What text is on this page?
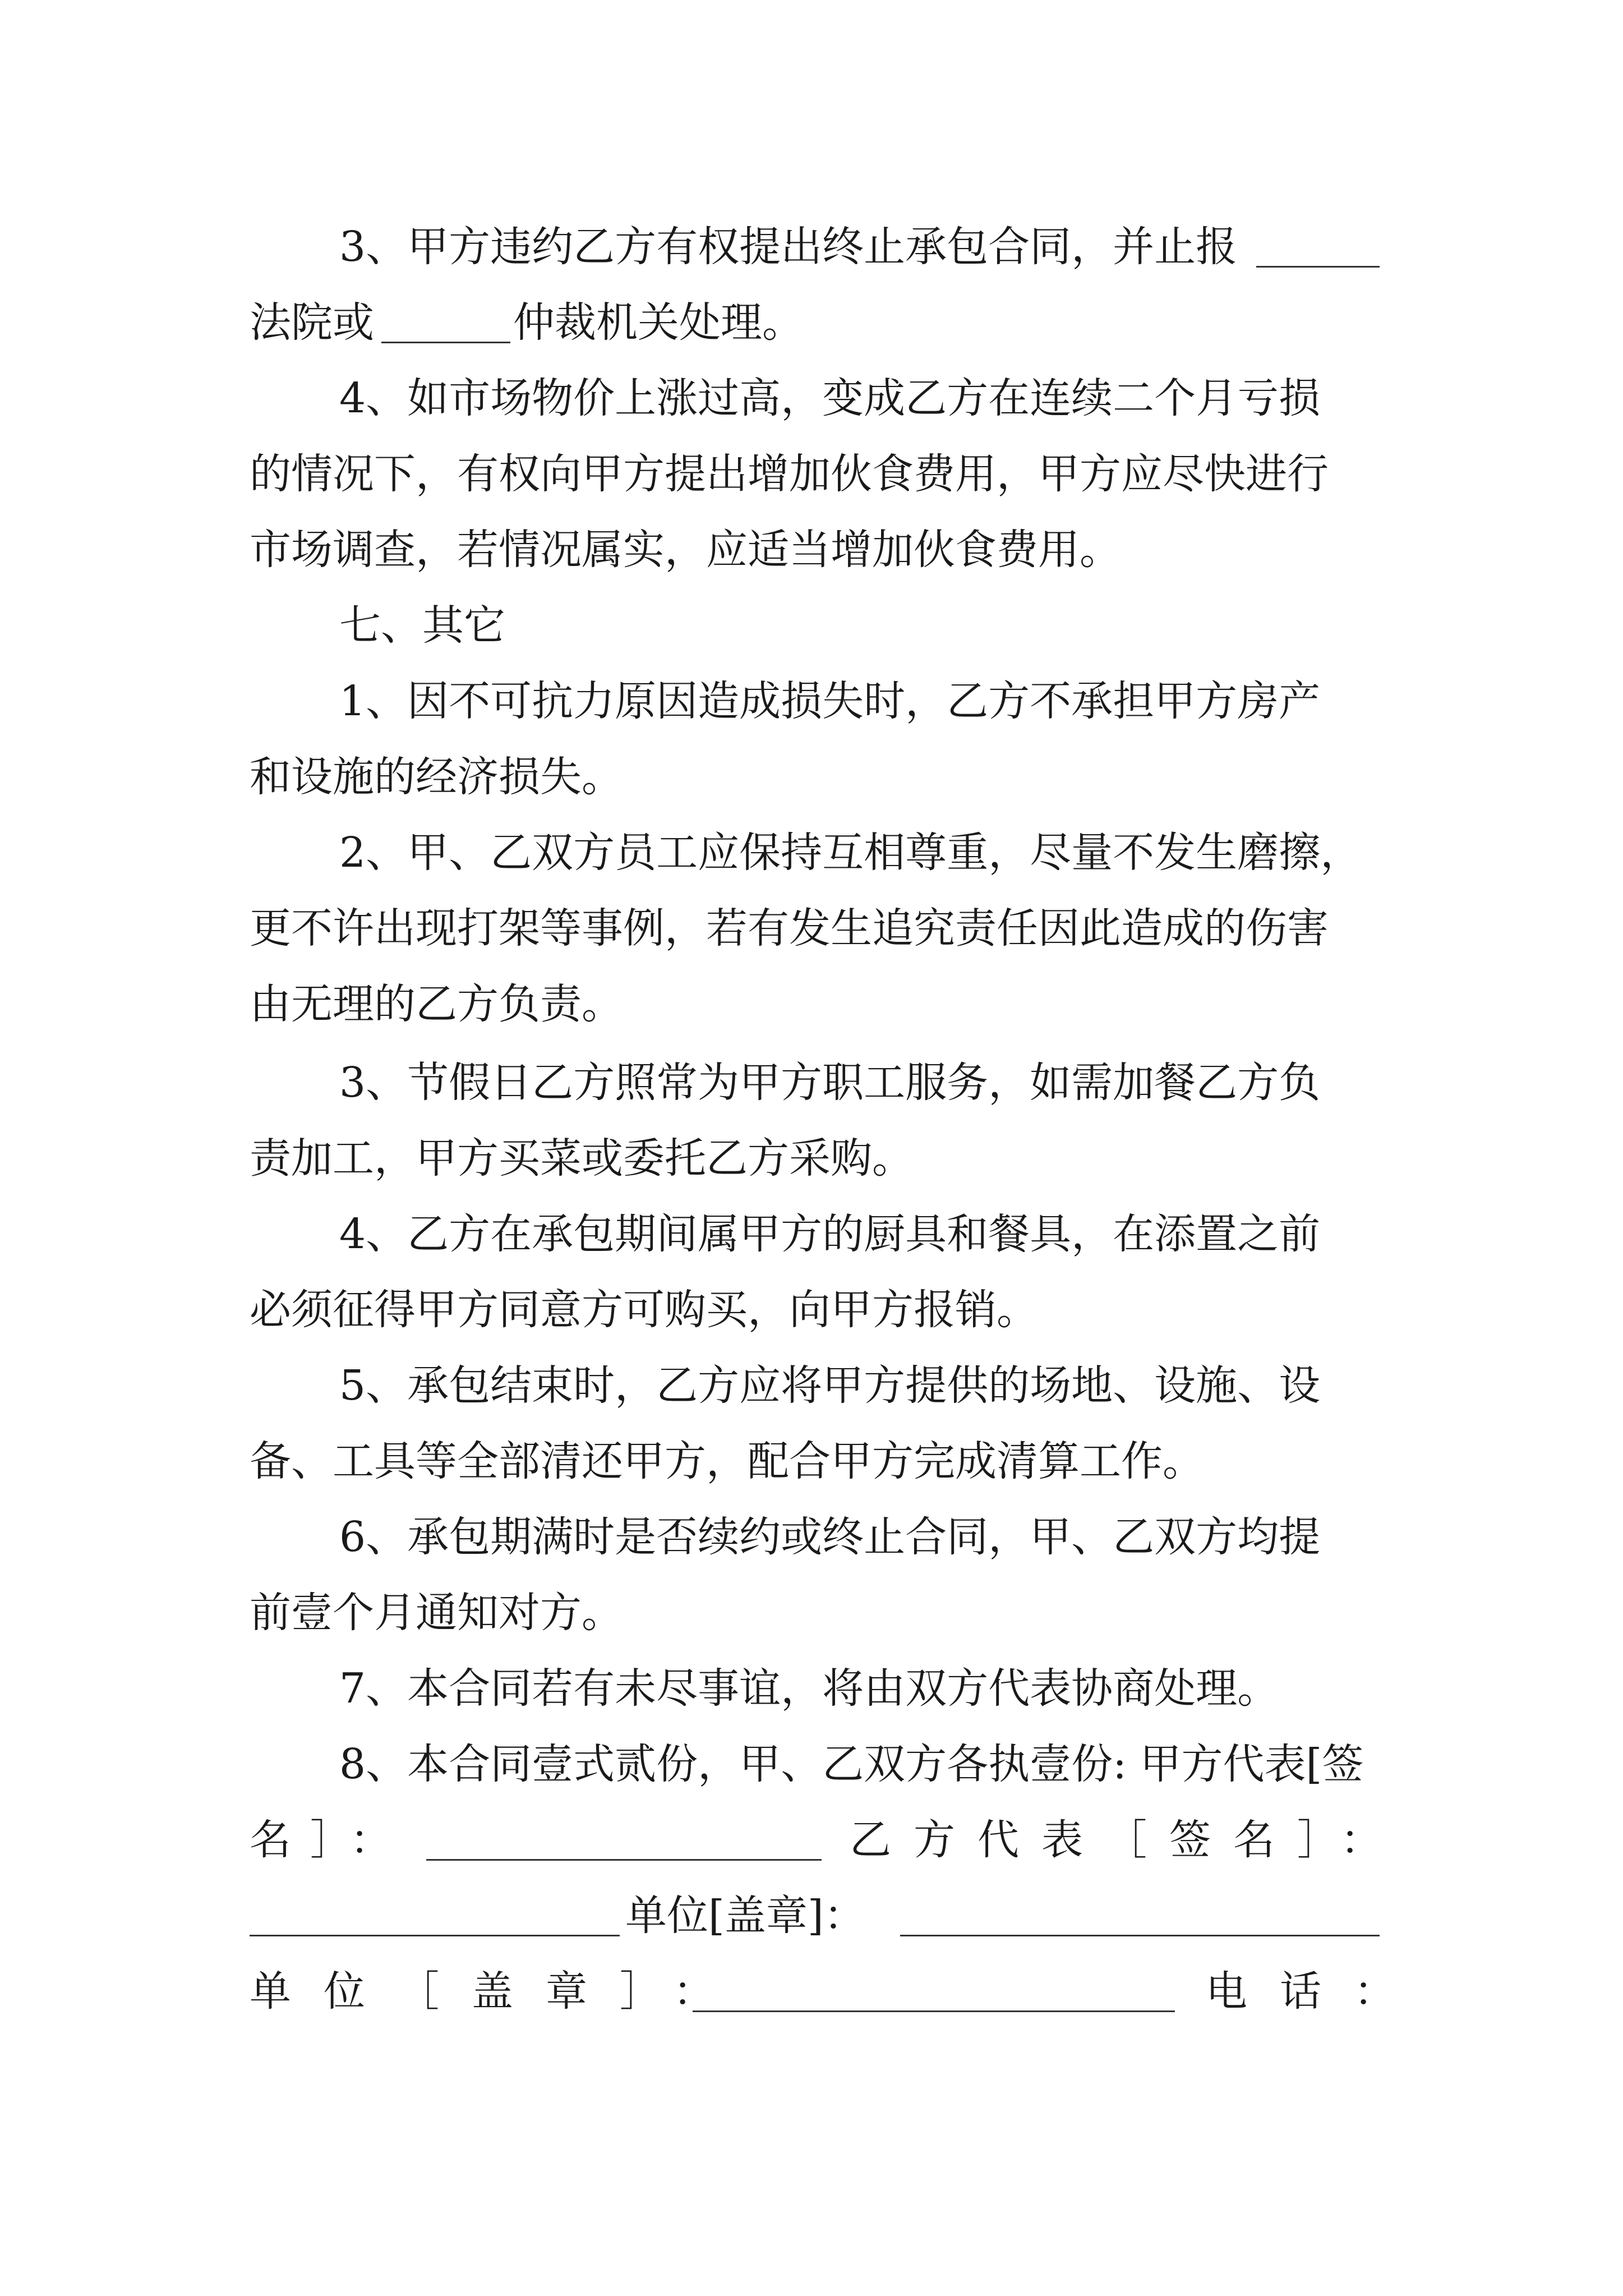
3、甲方违约乙方有权提出终止承包合同，并止报
法院或	仲裁机关处理。
4、如市场物价上涨过高，变成乙方在连续二个月亏损
的情况下，有权向甲方提出增加伙食费用，甲方应尽快进行
市场调查，若情况属实，应适当增加伙食费用。
七、其它
1、因不可抗力原因造成损失时，乙方不承担甲方房产
和设施的经济损失。
2、甲、乙双方员工应保持互相尊重，尽量不发生磨擦，
更不许出现打架等事例，若有发生追究责任因此造成的伤害
由无理的乙方负责。
3、节假日乙方照常为甲方职工服务，如需加餐乙方负
责加工，甲方买菜或委托乙方采购。
4、乙方在承包期间属甲方的厨具和餐具，在添置之前
必须征得甲方同意方可购买，向甲方报销。
5、承包结束时，乙方应将甲方提供的场地、设施、设
备、工具等全部清还甲方，配合甲方完成清算工作。
6、承包期满时是否续约或终止合同，甲、乙双方均提
前壹个月通知对方。
7、本合同若有未尽事谊，将由双方代表协商处理。
8、本合同壹式贰份，甲、乙双方各执壹份: 甲方代表[签
名］：	乙方代表［签名］：
单位[盖章]：
单位［盖章］：	电话：
